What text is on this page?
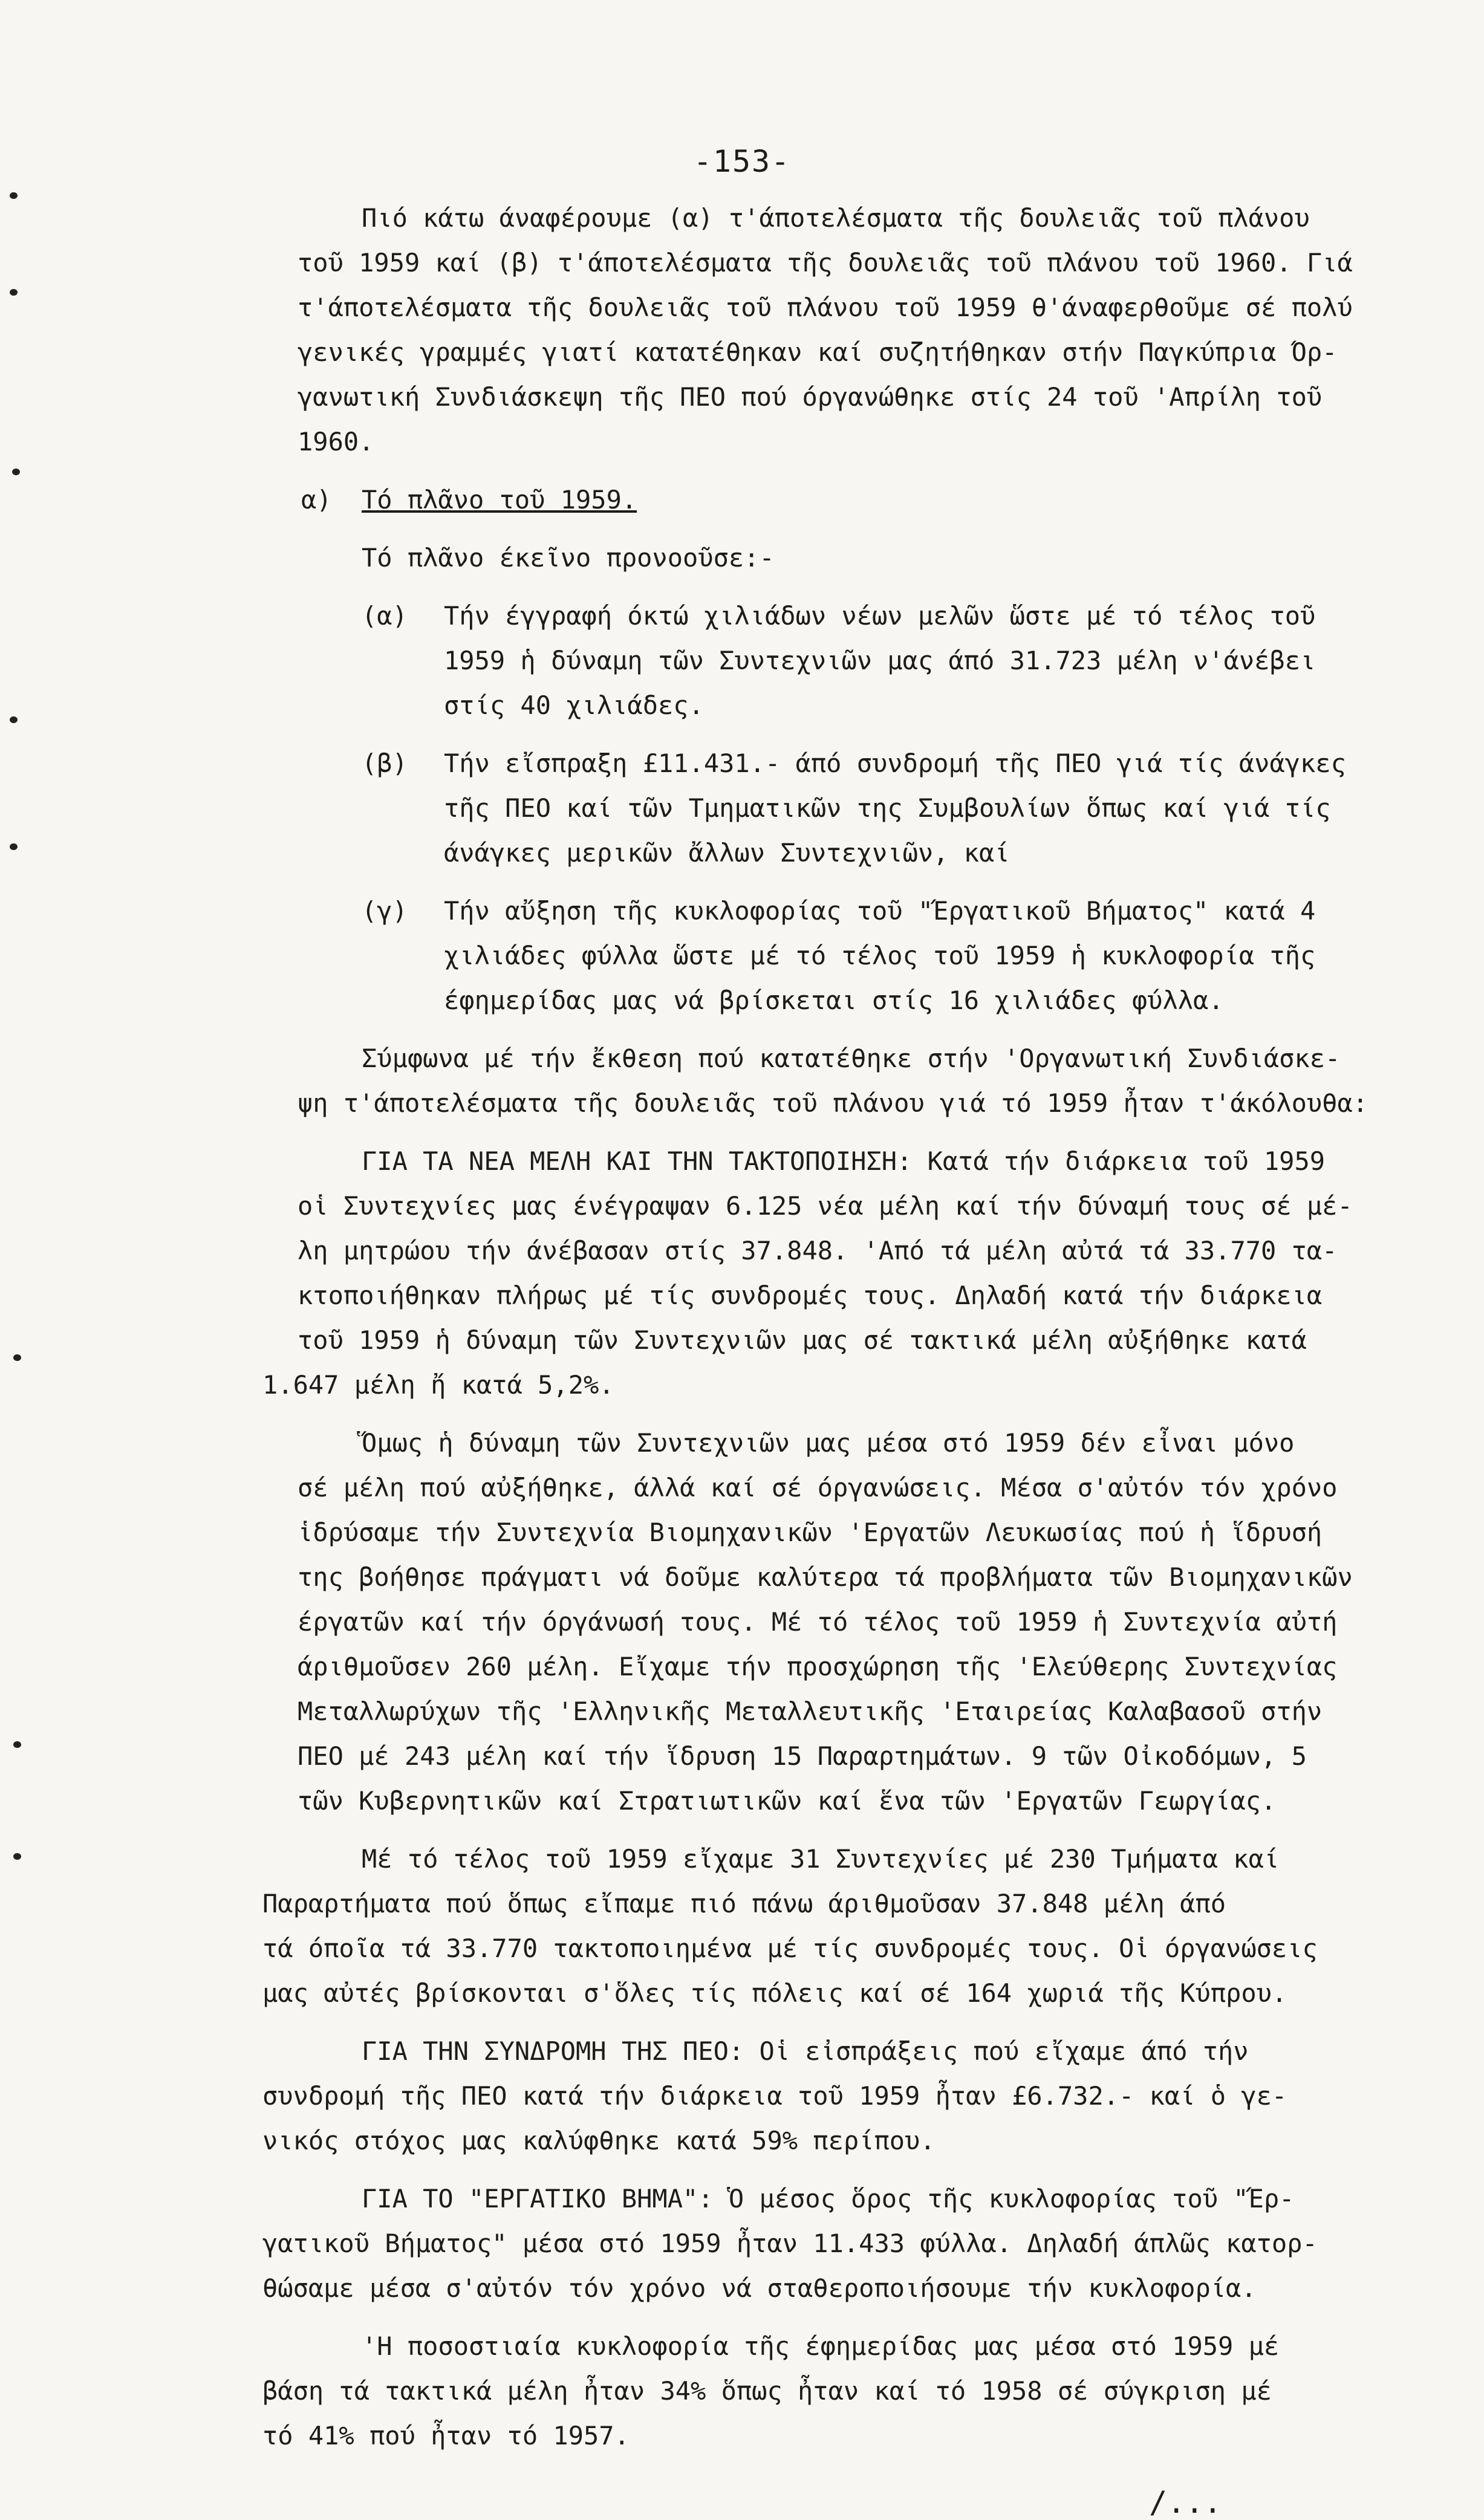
-153-
Πιό κάτω άναφέρουμε (α) τ'άποτελέσματα τῆς δουλειᾶς τοῦ πλάνου
τοῦ 1959 καί (β) τ'άποτελέσματα τῆς δουλειᾶς τοῦ πλάνου τοῦ 1960. Γιά
τ'άποτελέσματα τῆς δουλειᾶς τοῦ πλάνου τοῦ 1959 θ'άναφερθοῦμε σέ πολύ
γενικές γραμμές γιατί κατατέθηκαν καί συζητήθηκαν στήν Παγκύπρια Όρ-
γανωτική Συνδιάσκεψη τῆς ΠΕΟ πού όργανώθηκε στίς 24 τοῦ 'Απρίλη τοῦ
1960.
α) Τό πλᾶνο τοῦ 1959.
Τό πλᾶνο έκεῖνο προνοοῦσε:-
(α) Τήν έγγραφή όκτώ χιλιάδων νέων μελῶν ὥστε μέ τό τέλος τοῦ
1959 ἡ δύναμη τῶν Συντεχνιῶν μας άπό 31.723 μέλη ν'άνέβει
στίς 40 χιλιάδες.
(β) Τήν εἴσπραξη £11.431.- άπό συνδρομή τῆς ΠΕΟ γιά τίς άνάγκες
τῆς ΠΕΟ καί τῶν Τμηματικῶν της Συμβουλίων ὅπως καί γιά τίς
άνάγκες μερικῶν ἄλλων Συντεχνιῶν, καί
(γ) Τήν αὔξηση τῆς κυκλοφορίας τοῦ "Έργατικοῦ Βήματος" κατά 4
χιλιάδες φύλλα ὥστε μέ τό τέλος τοῦ 1959 ἡ κυκλοφορία τῆς
έφημερίδας μας νά βρίσκεται στίς 16 χιλιάδες φύλλα.
Σύμφωνα μέ τήν ἔκθεση πού κατατέθηκε στήν 'Οργανωτική Συνδιάσκε-
ψη τ'άποτελέσματα τῆς δουλειᾶς τοῦ πλάνου γιά τό 1959 ἦταν τ'άκόλουθα:
ΓΙΑ ΤΑ ΝΕΑ ΜΕΛΗ ΚΑΙ ΤΗΝ ΤΑΚΤΟΠΟΙΗΣΗ: Κατά τήν διάρκεια τοῦ 1959
οἱ Συντεχνίες μας ένέγραψαν 6.125 νέα μέλη καί τήν δύναμή τους σέ μέ-
λη μητρώου τήν άνέβασαν στίς 37.848. 'Από τά μέλη αὐτά τά 33.770 τα-
κτοποιήθηκαν πλήρως μέ τίς συνδρομές τους. Δηλαδή κατά τήν διάρκεια
τοῦ 1959 ἡ δύναμη τῶν Συντεχνιῶν μας σέ τακτικά μέλη αὐξήθηκε κατά
1.647 μέλη ἤ κατά 5,2%.
Ὅμως ἡ δύναμη τῶν Συντεχνιῶν μας μέσα στό 1959 δέν εἶναι μόνο
σέ μέλη πού αὐξήθηκε, άλλά καί σέ όργανώσεις. Μέσα σ'αὐτόν τόν χρόνο
ἱδρύσαμε τήν Συντεχνία Βιομηχανικῶν 'Εργατῶν Λευκωσίας πού ἡ ἵδρυσή
της βοήθησε πράγματι νά δοῦμε καλύτερα τά προβλήματα τῶν Βιομηχανικῶν
έργατῶν καί τήν όργάνωσή τους. Μέ τό τέλος τοῦ 1959 ἡ Συντεχνία αὐτή
άριθμοῦσεν 260 μέλη. Εἴχαμε τήν προσχώρηση τῆς 'Ελεύθερης Συντεχνίας
Μεταλλωρύχων τῆς 'Ελληνικῆς Μεταλλευτικῆς 'Εταιρείας Καλαβασοῦ στήν
ΠΕΟ μέ 243 μέλη καί τήν ἵδρυση 15 Παραρτημάτων. 9 τῶν Οἰκοδόμων, 5
τῶν Κυβερνητικῶν καί Στρατιωτικῶν καί ἕνα τῶν 'Εργατῶν Γεωργίας.
Μέ τό τέλος τοῦ 1959 εἴχαμε 31 Συντεχνίες μέ 230 Τμήματα καί
Παραρτήματα πού ὅπως εἴπαμε πιό πάνω άριθμοῦσαν 37.848 μέλη άπό
τά όποῖα τά 33.770 τακτοποιημένα μέ τίς συνδρομές τους. Οἱ όργανώσεις
μας αὐτές βρίσκονται σ'ὅλες τίς πόλεις καί σέ 164 χωριά τῆς Κύπρου.
ΓΙΑ ΤΗΝ ΣΥΝΔΡΟΜΗ ΤΗΣ ΠΕΟ: Οἱ εἰσπράξεις πού εἴχαμε άπό τήν
συνδρομή τῆς ΠΕΟ κατά τήν διάρκεια τοῦ 1959 ἦταν £6.732.- καί ὁ γε-
νικός στόχος μας καλύφθηκε κατά 59% περίπου.
ΓΙΑ ΤΟ "ΕΡΓΑΤΙΚΟ ΒΗΜΑ": Ὁ μέσος ὅρος τῆς κυκλοφορίας τοῦ "Έρ-
γατικοῦ Βήματος" μέσα στό 1959 ἦταν 11.433 φύλλα. Δηλαδή άπλῶς κατορ-
θώσαμε μέσα σ'αὐτόν τόν χρόνο νά σταθεροποιήσουμε τήν κυκλοφορία.
'Η ποσοστιαία κυκλοφορία τῆς έφημερίδας μας μέσα στό 1959 μέ
βάση τά τακτικά μέλη ἦταν 34% ὅπως ἦταν καί τό 1958 σέ σύγκριση μέ
τό 41% πού ἦταν τό 1957.
/...
